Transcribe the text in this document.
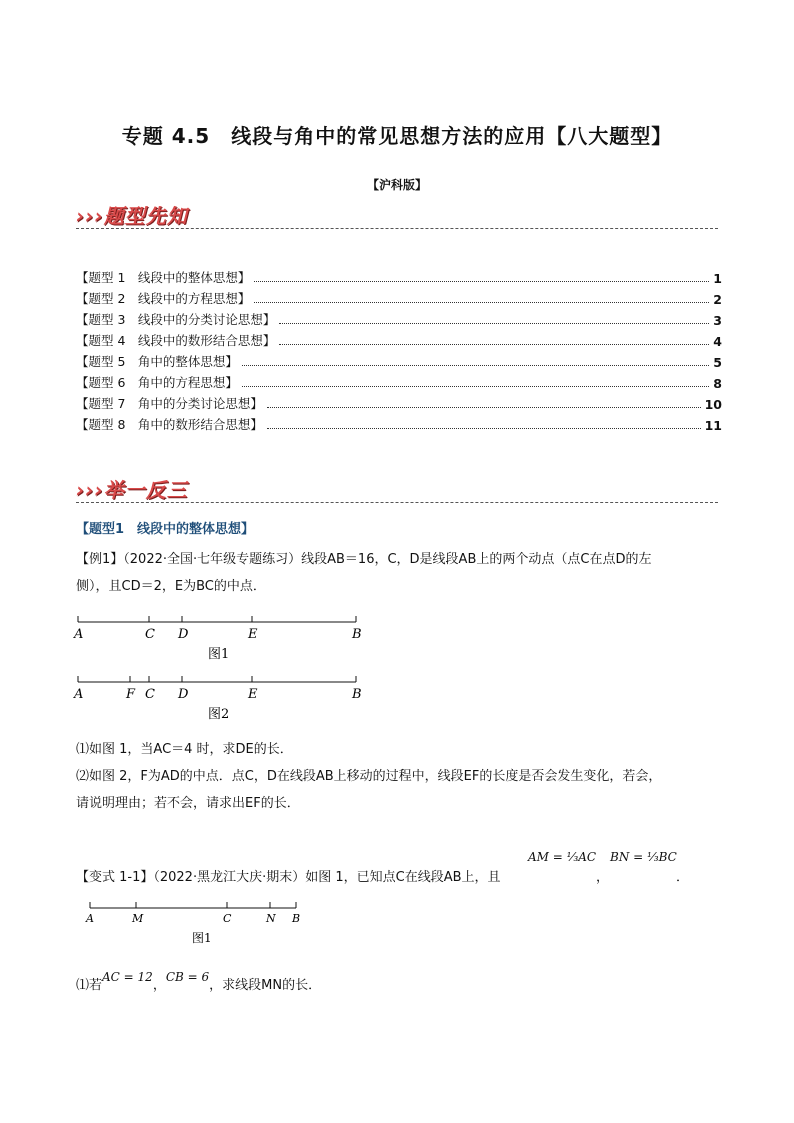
专题 4.5　线段与角中的常见思想方法的应用【八大题型】
【沪科版】
›››题型先知
【题型 1　线段中的整体思想】	1
【题型 2　线段中的方程思想】	2
【题型 3　线段中的分类讨论思想】	3
【题型 4　线段中的数形结合思想】	4
【题型 5　角中的整体思想】	5
【题型 6　角中的方程思想】	8
【题型 7　角中的分类讨论思想】	10
【题型 8　角中的数形结合思想】	11
›››举一反三
【题型1　线段中的整体思想】
【例1】（2022·全国·七年级专题练习）线段AB＝16，C，D是线段AB上的两个动点（点C在点D的左
侧），且CD＝2，E为BC的中点．
A	C D	E	B
图1
A	F C D	E	B
图2
⑴如图 1，当AC＝4 时，求DE的长．
⑵如图 2，F为AD的中点．点C，D在线段AB上移动的过程中，线段EF的长度是否会发生变化，若会，
请说明理由；若不会，请求出EF的长．
【变式 1-1】（2022·黑龙江大庆·期末）如图 1，已知点C在线段AB上，且
AM = ⅓AC BN = ⅓BC
，	．
A	M	C	N B
图1
⑴若AC = 12，CB = 6，求线段MN的长．
